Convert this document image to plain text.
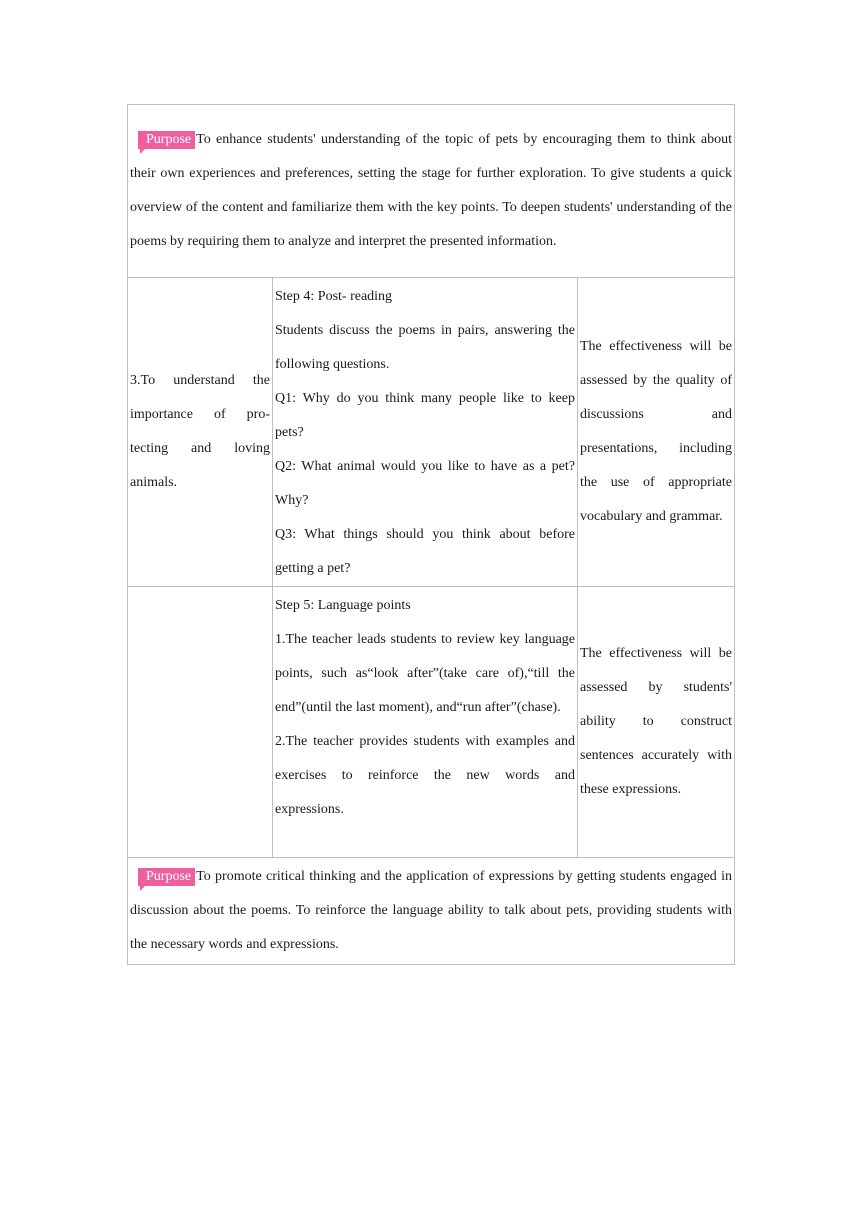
Purpose To enhance students' understanding of the topic of pets by encouraging them to think about their own experiences and preferences, setting the stage for further exploration. To give students a quick overview of the content and familiarize them with the key points. To deepen students' understanding of the poems by requiring them to analyze and interpret the presented information.		
3.To understand the importance of pro- tecting and loving animals.	Step 4: Post- reading
Students discuss the poems in pairs, answering the following questions.
Q1: Why do you think many people like to keep pets?
Q2: What animal would you like to have as a pet? Why?
Q3: What things should you think about before getting a pet?	The effectiveness will be assessed by the quality of discussions and presentations, including the use of appropriate vocabulary and grammar.

	Step 5: Language points
1.The teacher leads students to review key language points, such as“look after”(take care of),“till the end”(until the last moment), and“run after”(chase).
2.The teacher provides students with examples and exercises to reinforce the new words and expressions.	The effectiveness will be assessed by students' ability to construct sentences accurately with these expressions.
Purpose To promote critical thinking and the application of expressions by getting students engaged in discussion about the poems. To reinforce the language ability to talk about pets, providing students with the necessary words and expressions.		
